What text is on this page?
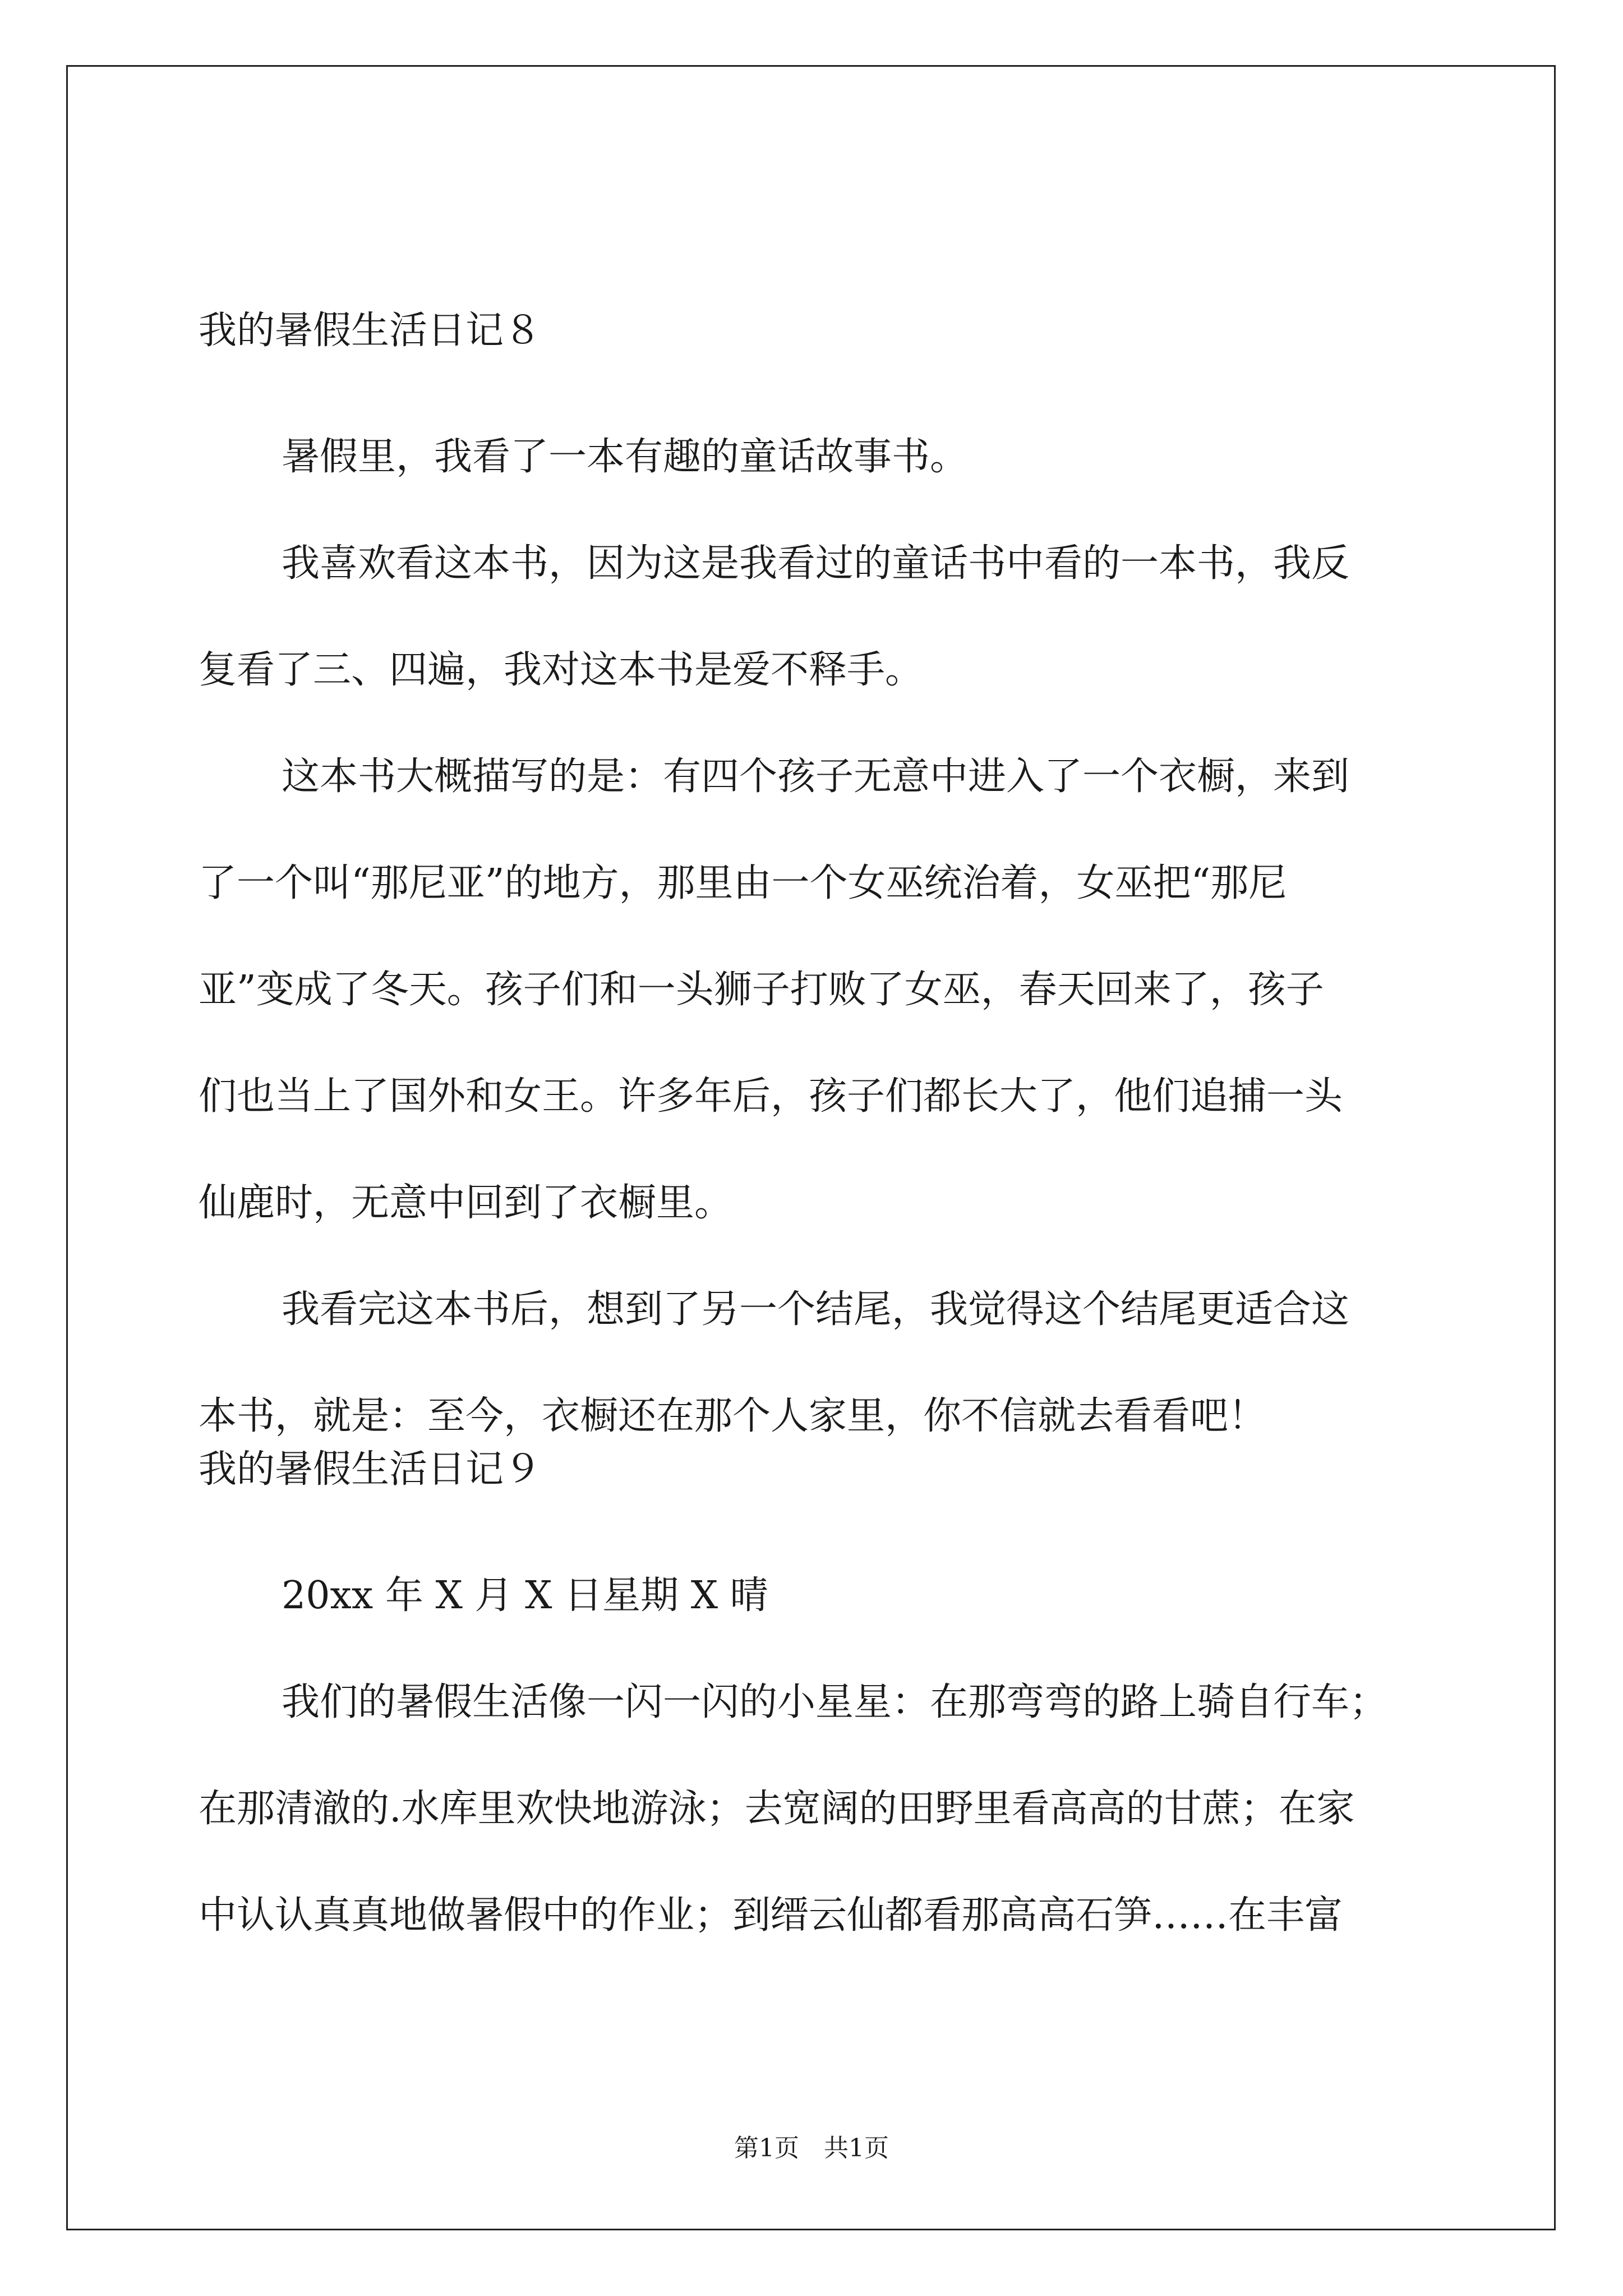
我的暑假生活日记８
暑假里，我看了一本有趣的童话故事书。
我喜欢看这本书，因为这是我看过的童话书中看的一本书，我反
复看了三、四遍，我对这本书是爱不释手。
这本书大概描写的是：有四个孩子无意中进入了一个衣橱，来到
了一个叫“那尼亚”的地方，那里由一个女巫统治着，女巫把“那尼
亚”变成了冬天。孩子们和一头狮子打败了女巫，春天回来了，孩子
们也当上了国外和女王。许多年后，孩子们都长大了，他们追捕一头
仙鹿时，无意中回到了衣橱里。
我看完这本书后，想到了另一个结尾，我觉得这个结尾更适合这
本书，就是：至今，衣橱还在那个人家里，你不信就去看看吧！
我的暑假生活日记９
20xx 年 X 月 X 日星期 X 晴
我们的暑假生活像一闪一闪的小星星：在那弯弯的路上骑自行车；
在那清澈的.水库里欢快地游泳；去宽阔的田野里看高高的甘蔗；在家
中认认真真地做暑假中的作业；到缙云仙都看那高高石笋……在丰富
第1页　共1页
